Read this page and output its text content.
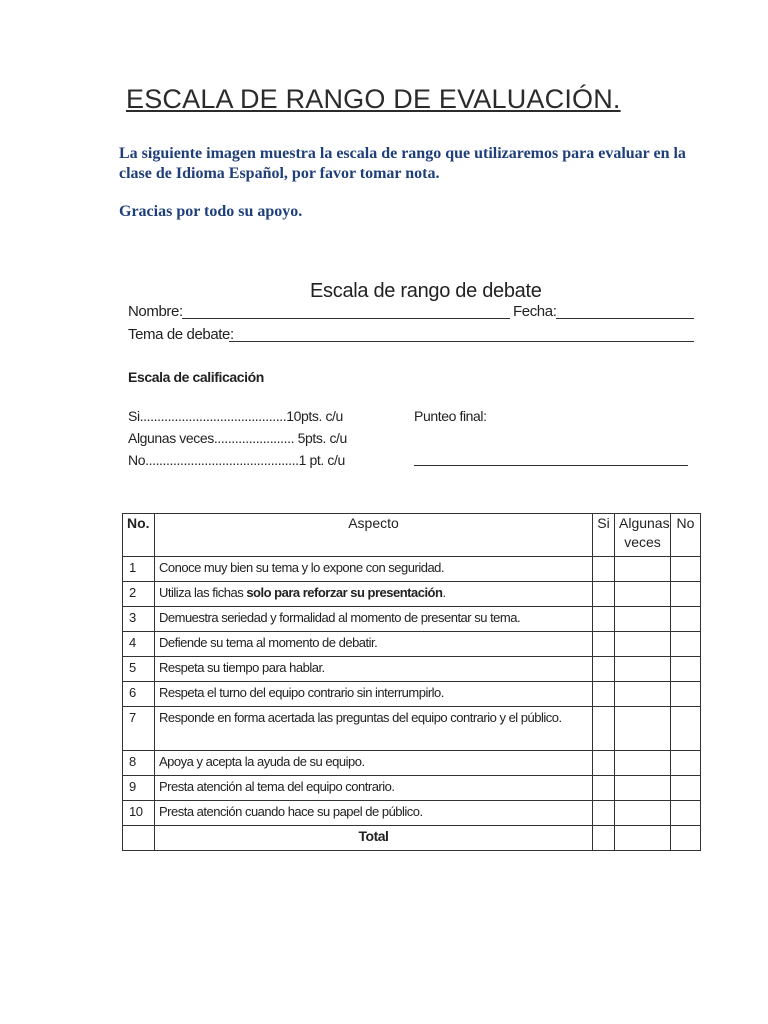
ESCALA DE RANGO DE EVALUACIÓN.
La siguiente imagen muestra la escala de rango que utilizaremos para evaluar en la clase de Idioma Español, por favor tomar nota.
Gracias por todo su apoyo.
Escala de rango de debate
Nombre:	Fecha:
Tema de debate:
Escala de calificación
Si..........................................10pts. c/u
Algunas veces....................... 5pts. c/u
No............................................1 pt. c/u
Punteo final:
No.	Aspecto	Si	Algunas veces	No
1	Conoce muy bien su tema y lo expone con seguridad.			
2	Utiliza las fichas solo para reforzar su presentación.			
3	Demuestra seriedad y formalidad al momento de presentar su tema.			
4	Defiende su tema al momento de debatir.			
5	Respeta su tiempo para hablar.			
6	Respeta el turno del equipo contrario sin interrumpirlo.			
7	Responde en forma acertada las preguntas del equipo contrario y el público.			
8	Apoya y acepta la ayuda de su equipo.			
9	Presta atención al tema del equipo contrario.			
10	Presta atención cuando hace su papel de público.			
	Total			
